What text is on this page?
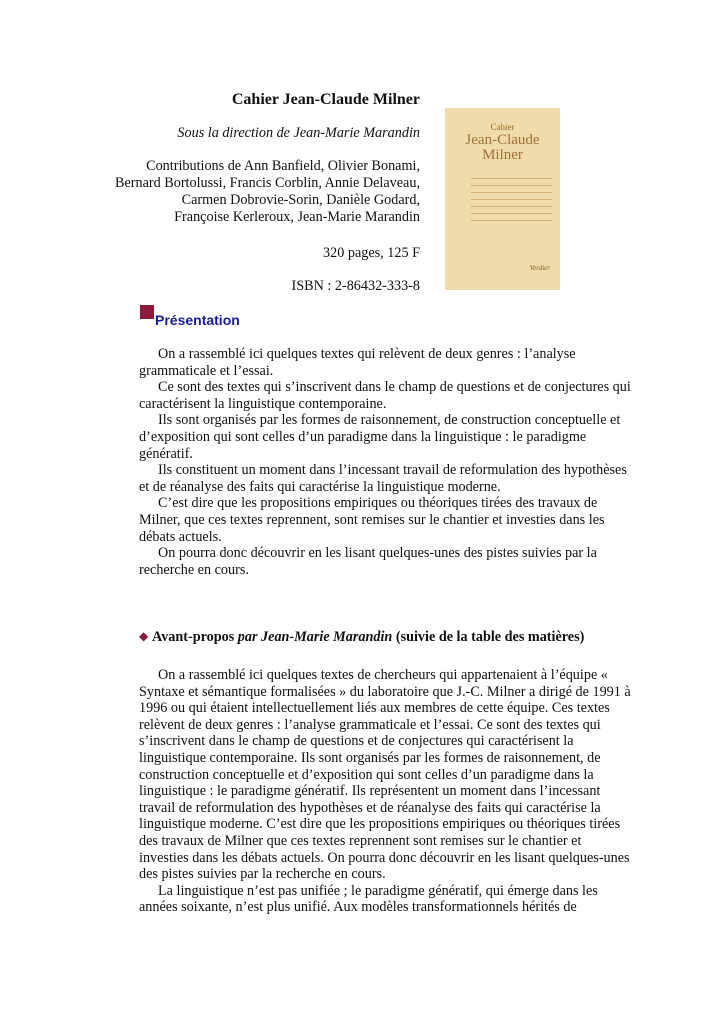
Cahier Jean-Claude Milner
Sous la direction de Jean-Marie Marandin
Contributions de Ann Banfield, Olivier Bonami,
Bernard Bortolussi, Francis Corblin, Annie Delaveau,
Carmen Dobrovie-Sorin, Danièle Godard,
Françoise Kerleroux, Jean-Marie Marandin
320 pages, 125 F
ISBN : 2-86432-333-8
Cahier
Jean-Claude
Milner
Verdier
Présentation

On a rassemblé ici quelques textes qui relèvent de deux genres : l’analyse grammaticale et l’essai.

Ce sont des textes qui s’inscrivent dans le champ de questions et de conjectures qui caractérisent la linguistique contemporaine.

Ils sont organisés par les formes de raisonnement, de construction conceptuelle et d’exposition qui sont celles d’un paradigme dans la linguistique : le paradigme génératif.

Ils constituent un moment dans l’incessant travail de reformulation des hypothèses et de réanalyse des faits qui caractérise la linguistique moderne.

C’est dire que les propositions empiriques ou théoriques tirées des travaux de Milner, que ces textes reprennent, sont remises sur le chantier et investies dans les débats actuels.

On pourra donc découvrir en les lisant quelques-unes des pistes suivies par la recherche en cours.

◆ Avant-propos par Jean-Marie Marandin (suivie de la table des matières)

On a rassemblé ici quelques textes de chercheurs qui appartenaient à l’équipe « Syntaxe et sémantique formalisées » du laboratoire que J.-C. Milner a dirigé de 1991 à 1996 ou qui étaient intellectuellement liés aux membres de cette équipe. Ces textes relèvent de deux genres : l’analyse grammaticale et l’essai. Ce sont des textes qui s’inscrivent dans le champ de questions et de conjectures qui caractérisent la linguistique contemporaine. Ils sont organisés par les formes de raisonnement, de construction conceptuelle et d’exposition qui sont celles d’un paradigme dans la linguistique : le paradigme génératif. Ils représentent un moment dans l’incessant travail de reformulation des hypothèses et de réanalyse des faits qui caractérise la linguistique moderne. C’est dire que les propositions empiriques ou théoriques tirées des travaux de Milner que ces textes reprennent sont remises sur le chantier et investies dans les débats actuels. On pourra donc découvrir en les lisant quelques-unes des pistes suivies par la recherche en cours.

La linguistique n’est pas unifiée ; le paradigme génératif, qui émerge dans les années soixante, n’est plus unifié. Aux modèles transformationnels hérités de
